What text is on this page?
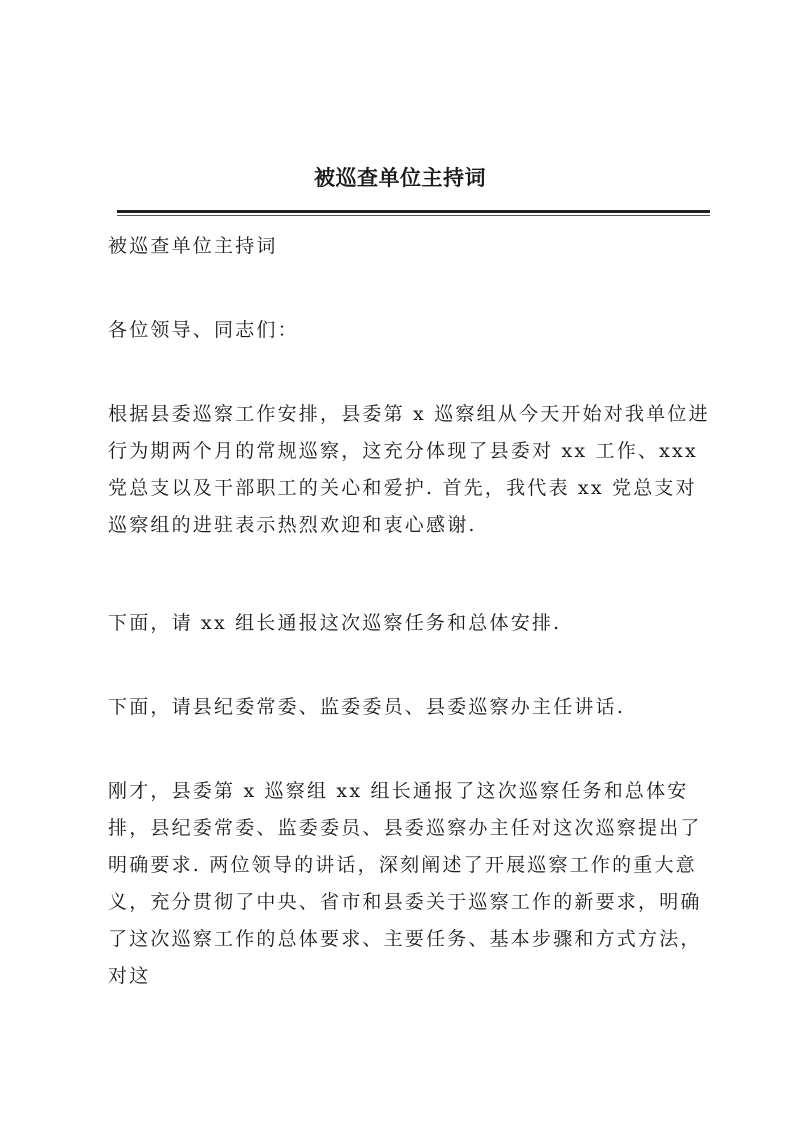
被巡查单位主持词

被巡查单位主持词

各位领导、同志们：

根据县委巡察工作安排，县委第 x 巡察组从今天开始对我单位进行为期两个月的常规巡察，这充分体现了县委对 xx 工作、xxx 党总支以及干部职工的关心和爱护. 首先，我代表 xx 党总支对巡察组的进驻表示热烈欢迎和衷心感谢.

下面，请 xx 组长通报这次巡察任务和总体安排.

下面，请县纪委常委、监委委员、县委巡察办主任讲话.

刚才，县委第 x 巡察组 xx 组长通报了这次巡察任务和总体安排，县纪委常委、监委委员、县委巡察办主任对这次巡察提出了明确要求. 两位领导的讲话，深刻阐述了开展巡察工作的重大意义，充分贯彻了中央、省市和县委关于巡察工作的新要求，明确了这次巡察工作的总体要求、主要任务、基本步骤和方式方法，对这
